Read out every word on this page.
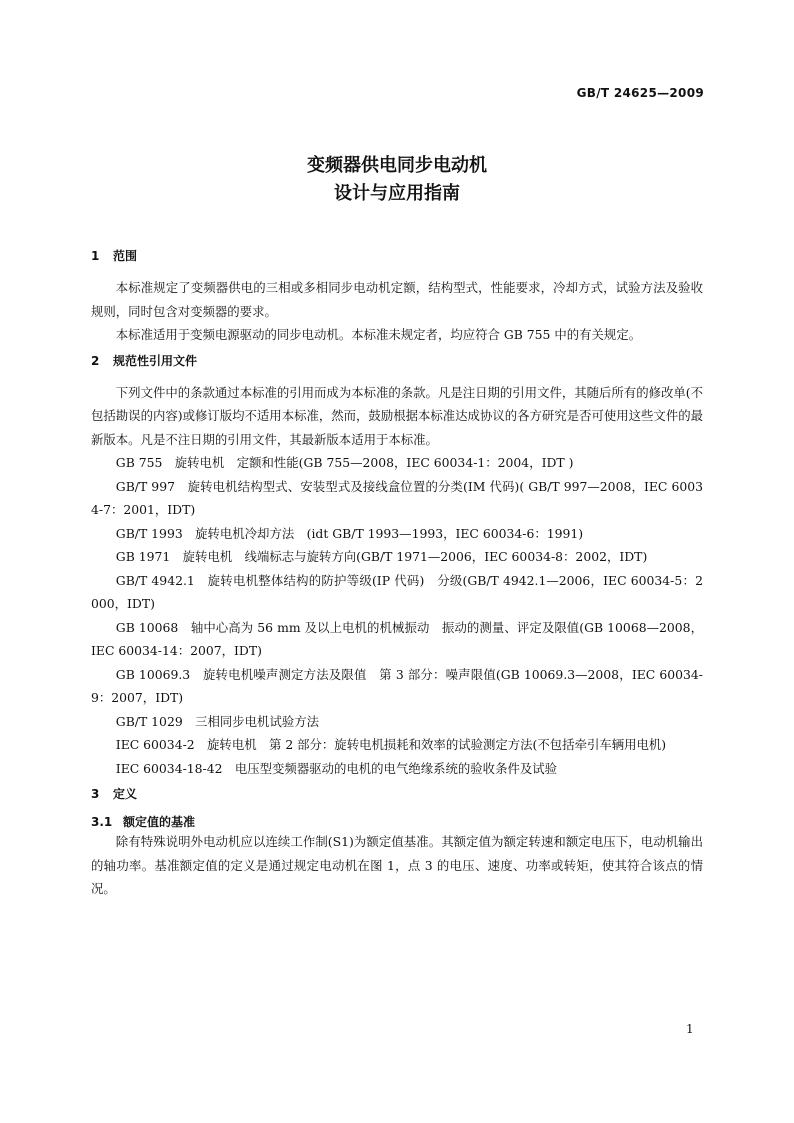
GB/T 24625—2009
变频器供电同步电动机
设计与应用指南
1 范围

本标准规定了变频器供电的三相或多相同步电动机定额，结构型式，性能要求，冷却方式，试验方法及验收规则，同时包含对变频器的要求。

本标准适用于变频电源驱动的同步电动机。本标准未规定者，均应符合 GB 755 中的有关规定。

2 规范性引用文件

下列文件中的条款通过本标准的引用而成为本标准的条款。凡是注日期的引用文件，其随后所有的修改单(不包括勘误的内容)或修订版均不适用本标准，然而，鼓励根据本标准达成协议的各方研究是否可使用这些文件的最新版本。凡是不注日期的引用文件，其最新版本适用于本标准。

GB 755　旋转电机　定额和性能(GB 755—2008，IEC 60034-1：2004，IDT )

GB/T 997　旋转电机结构型式、安装型式及接线盒位置的分类(IM 代码)( GB/T 997—2008，IEC 60034-7：2001，IDT)

GB/T 1993　旋转电机冷却方法　(idt GB/T 1993—1993，IEC 60034-6：1991)

GB 1971　旋转电机　线端标志与旋转方向(GB/T 1971—2006，IEC 60034-8：2002，IDT)

GB/T 4942.1　旋转电机整体结构的防护等级(IP 代码)　分级(GB/T 4942.1—2006，IEC 60034-5：2000，IDT)

GB 10068　轴中心高为 56 mm 及以上电机的机械振动　振动的测量、评定及限值(GB 10068—2008，IEC 60034-14：2007，IDT)

GB 10069.3　旋转电机噪声测定方法及限值　第 3 部分：噪声限值(GB 10069.3—2008，IEC 60034-9：2007，IDT)

GB/T 1029　三相同步电机试验方法

IEC 60034-2　旋转电机　第 2 部分：旋转电机损耗和效率的试验测定方法(不包括牵引车辆用电机)

IEC 60034-18-42　电压型变频器驱动的电机的电气绝缘系统的验收条件及试验

3 定义
3.1 额定值的基准

除有特殊说明外电动机应以连续工作制(S1)为额定值基准。其额定值为额定转速和额定电压下，电动机输出的轴功率。基准额定值的定义是通过规定电动机在图 1，点 3 的电压、速度、功率或转矩，使其符合该点的情况。

1
